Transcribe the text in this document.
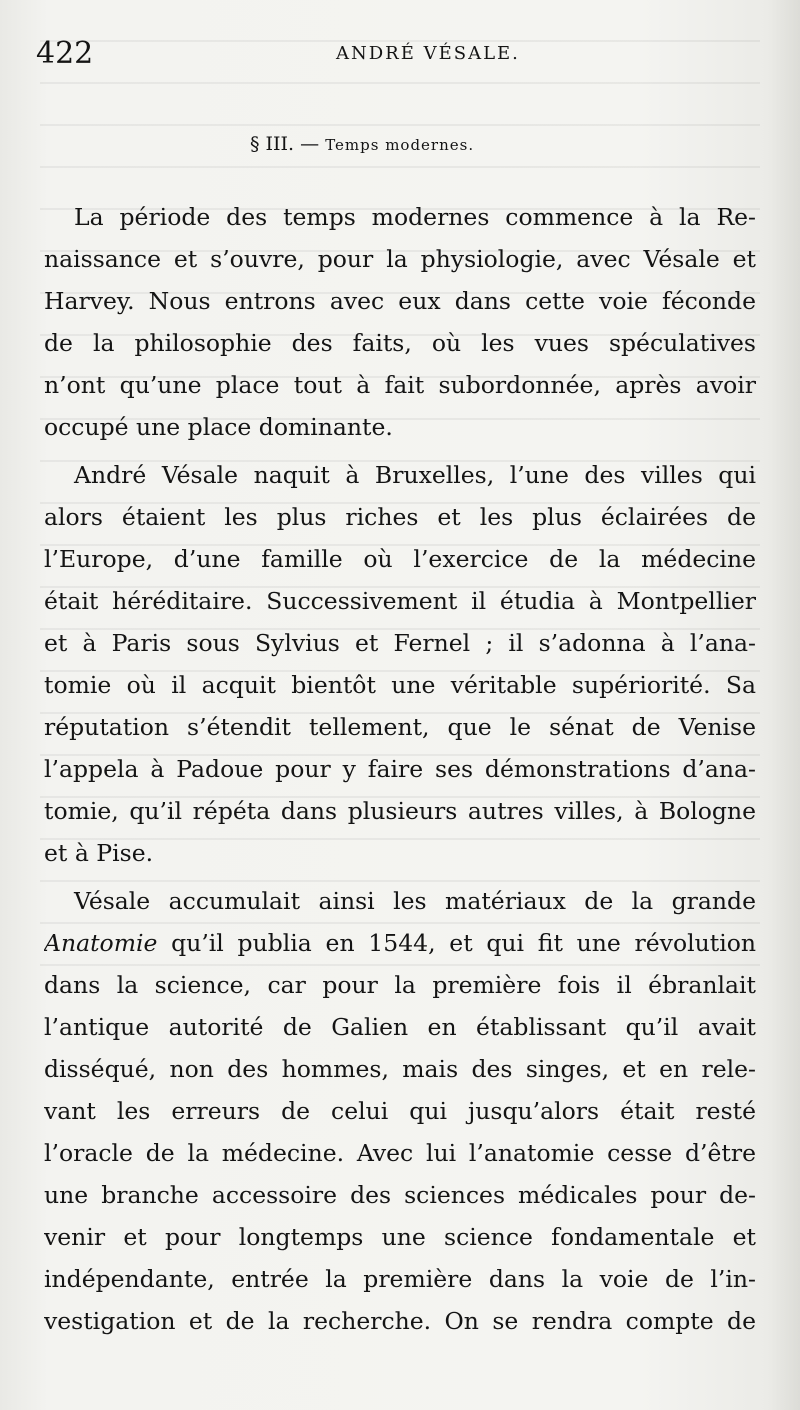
422	ANDRÉ VÉSALE.
§ III. — Temps modernes.
La période des temps modernes commence à la Re-
naissance et s’ouvre, pour la physiologie, avec Vésale et
Harvey. Nous entrons avec eux dans cette voie féconde
de la philosophie des faits, où les vues spéculatives
n’ont qu’une place tout à fait subordonnée, après avoir
occupé une place dominante.
André Vésale naquit à Bruxelles, l’une des villes qui
alors étaient les plus riches et les plus éclairées de
l’Europe, d’une famille où l’exercice de la médecine
était héréditaire. Successivement il étudia à Montpellier
et à Paris sous Sylvius et Fernel ; il s’adonna à l’ana-
tomie où il acquit bientôt une véritable supériorité. Sa
réputation s’étendit tellement, que le sénat de Venise
l’appela à Padoue pour y faire ses démonstrations d’ana-
tomie, qu’il répéta dans plusieurs autres villes, à Bologne
et à Pise.
Vésale accumulait ainsi les matériaux de la grande
Anatomie qu’il publia en 1544, et qui fit une révolution
dans la science, car pour la première fois il ébranlait
l’antique autorité de Galien en établissant qu’il avait
disséqué, non des hommes, mais des singes, et en rele-
vant les erreurs de celui qui jusqu’alors était resté
l’oracle de la médecine. Avec lui l’anatomie cesse d’être
une branche accessoire des sciences médicales pour de-
venir et pour longtemps une science fondamentale et
indépendante, entrée la première dans la voie de l’in-
vestigation et de la recherche. On se rendra compte de
